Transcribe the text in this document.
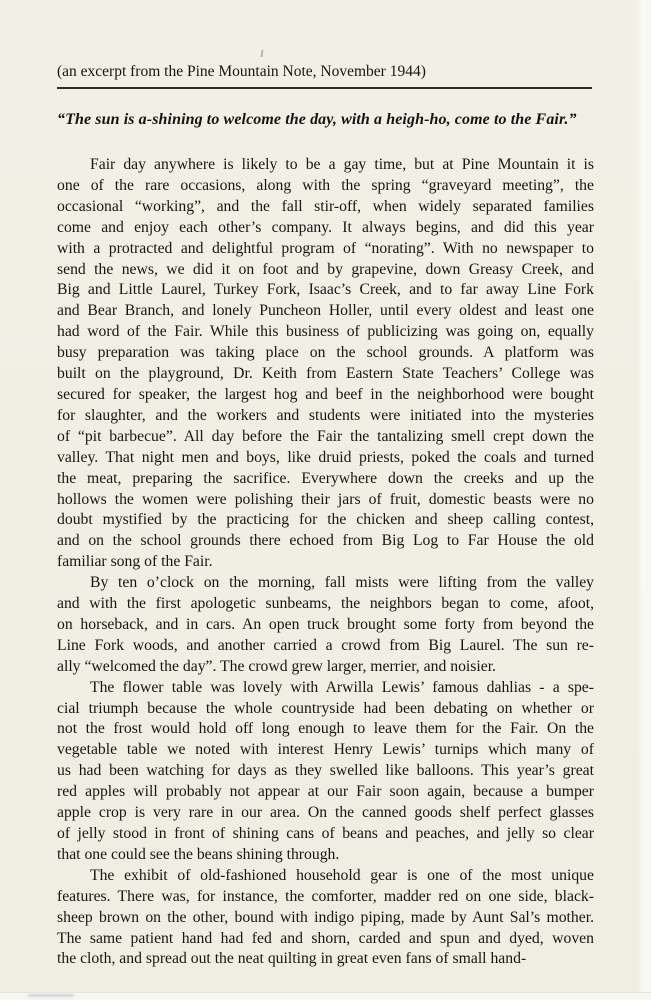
(an excerpt from the Pine Mountain Note, November 1944)
“The sun is a-shining to welcome the day, with a heigh-ho, come to the Fair.”
Fair day anywhere is likely to be a gay time, but at Pine Mountain it is
one of the rare occasions, along with the spring “graveyard meeting”, the
occasional “working”, and the fall stir-off, when widely separated families
come and enjoy each other’s company. It always begins, and did this year
with a protracted and delightful program of “norating”. With no newspaper to
send the news, we did it on foot and by grapevine, down Greasy Creek, and
Big and Little Laurel, Turkey Fork, Isaac’s Creek, and to far away Line Fork
and Bear Branch, and lonely Puncheon Holler, until every oldest and least one
had word of the Fair. While this business of publicizing was going on, equally
busy preparation was taking place on the school grounds. A platform was
built on the playground, Dr. Keith from Eastern State Teachers’ College was
secured for speaker, the largest hog and beef in the neighborhood were bought
for slaughter, and the workers and students were initiated into the mysteries
of “pit barbecue”. All day before the Fair the tantalizing smell crept down the
valley. That night men and boys, like druid priests, poked the coals and turned
the meat, preparing the sacrifice. Everywhere down the creeks and up the
hollows the women were polishing their jars of fruit, domestic beasts were no
doubt mystified by the practicing for the chicken and sheep calling contest,
and on the school grounds there echoed from Big Log to Far House the old
familiar song of the Fair.
By ten o’clock on the morning, fall mists were lifting from the valley
and with the first apologetic sunbeams, the neighbors began to come, afoot,
on horseback, and in cars. An open truck brought some forty from beyond the
Line Fork woods, and another carried a crowd from Big Laurel. The sun re-
ally “welcomed the day”. The crowd grew larger, merrier, and noisier.
The flower table was lovely with Arwilla Lewis’ famous dahlias - a spe-
cial triumph because the whole countryside had been debating on whether or
not the frost would hold off long enough to leave them for the Fair. On the
vegetable table we noted with interest Henry Lewis’ turnips which many of
us had been watching for days as they swelled like balloons. This year’s great
red apples will probably not appear at our Fair soon again, because a bumper
apple crop is very rare in our area. On the canned goods shelf perfect glasses
of jelly stood in front of shining cans of beans and peaches, and jelly so clear
that one could see the beans shining through.
The exhibit of old-fashioned household gear is one of the most unique
features. There was, for instance, the comforter, madder red on one side, black-
sheep brown on the other, bound with indigo piping, made by Aunt Sal’s mother.
The same patient hand had fed and shorn, carded and spun and dyed, woven
the cloth, and spread out the neat quilting in great even fans of small hand-
